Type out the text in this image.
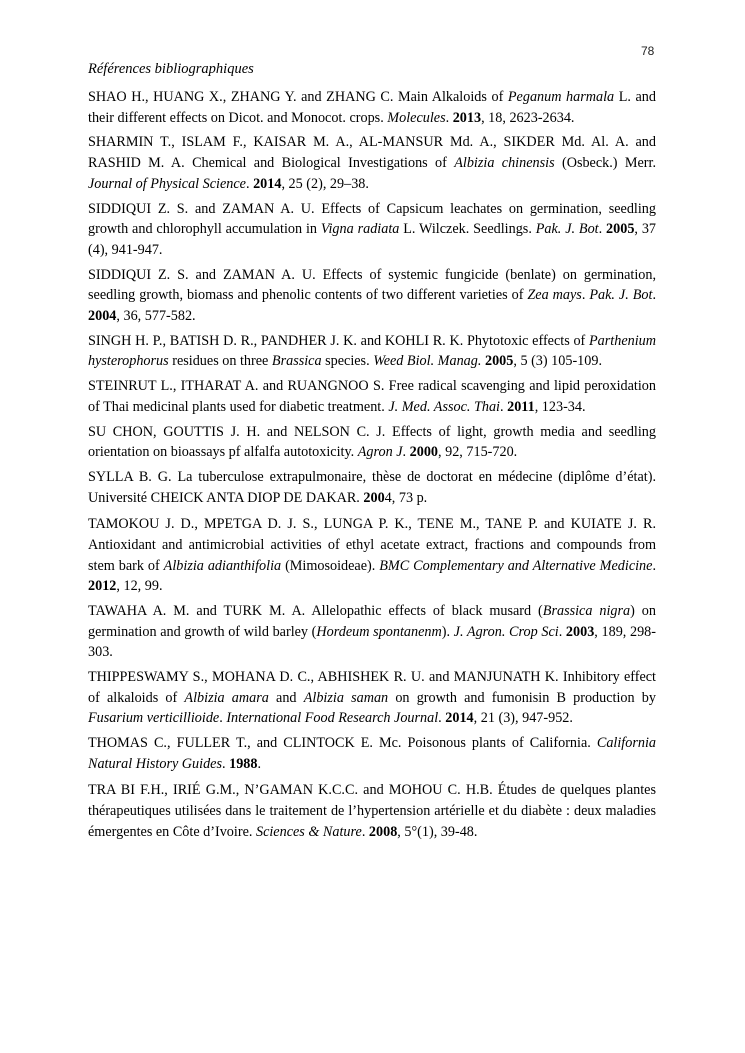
78
Références bibliographiques

SHAO H., HUANG X., ZHANG Y. and ZHANG C. Main Alkaloids of Peganum harmala L. and their different effects on Dicot. and Monocot. crops. Molecules. 2013, 18, 2623-2634.

SHARMIN T., ISLAM F., KAISAR M. A., AL-MANSUR Md. A., SIKDER Md. Al. A. and RASHID M. A. Chemical and Biological Investigations of Albizia chinensis (Osbeck.) Merr. Journal of Physical Science. 2014, 25 (2), 29–38.

SIDDIQUI Z. S. and ZAMAN A. U. Effects of Capsicum leachates on germination, seedling growth and chlorophyll accumulation in Vigna radiata L. Wilczek. Seedlings. Pak. J. Bot. 2005, 37 (4), 941-947.

SIDDIQUI Z. S. and ZAMAN A. U. Effects of systemic fungicide (benlate) on germination, seedling growth, biomass and phenolic contents of two different varieties of Zea mays. Pak. J. Bot. 2004, 36, 577-582.

SINGH H. P., BATISH D. R., PANDHER J. K. and KOHLI R. K. Phytotoxic effects of Parthenium hysterophorus residues on three Brassica species. Weed Biol. Manag. 2005, 5 (3) 105-109.

STEINRUT L., ITHARAT A. and RUANGNOO S. Free radical scavenging and lipid peroxidation of Thai medicinal plants used for diabetic treatment. J. Med. Assoc. Thai. 2011, 123-34.

SU CHON, GOUTTIS J. H. and NELSON C. J. Effects of light, growth media and seedling orientation on bioassays pf alfalfa autotoxicity. Agron J. 2000, 92, 715-720.

SYLLA B. G. La tuberculose extrapulmonaire, thèse de doctorat en médecine (diplôme d’état). Université CHEICK ANTA DIOP DE DAKAR. 2004, 73 p.

TAMOKOU J. D., MPETGA D. J. S., LUNGA P. K., TENE M., TANE P. and KUIATE J. R. Antioxidant and antimicrobial activities of ethyl acetate extract, fractions and compounds from stem bark of Albizia adianthifolia (Mimosoideae). BMC Complementary and Alternative Medicine. 2012, 12, 99.

TAWAHA A. M. and TURK M. A. Allelopathic effects of black musard (Brassica nigra) on germination and growth of wild barley (Hordeum spontanenm). J. Agron. Crop Sci. 2003, 189, 298-303.

THIPPESWAMY S., MOHANA D. C., ABHISHEK R. U. and MANJUNATH K. Inhibitory effect of alkaloids of Albizia amara and Albizia saman on growth and fumonisin B production by Fusarium verticillioide. International Food Research Journal. 2014, 21 (3), 947-952.

THOMAS C., FULLER T., and CLINTOCK E. Mc. Poisonous plants of California. California Natural History Guides. 1988.

TRA BI F.H., IRIÉ G.M., N’GAMAN K.C.C. and MOHOU C. H.B. Études de quelques plantes thérapeutiques utilisées dans le traitement de l’hypertension artérielle et du diabète : deux maladies émergentes en Côte d’Ivoire. Sciences & Nature. 2008, 5°(1), 39-48.
